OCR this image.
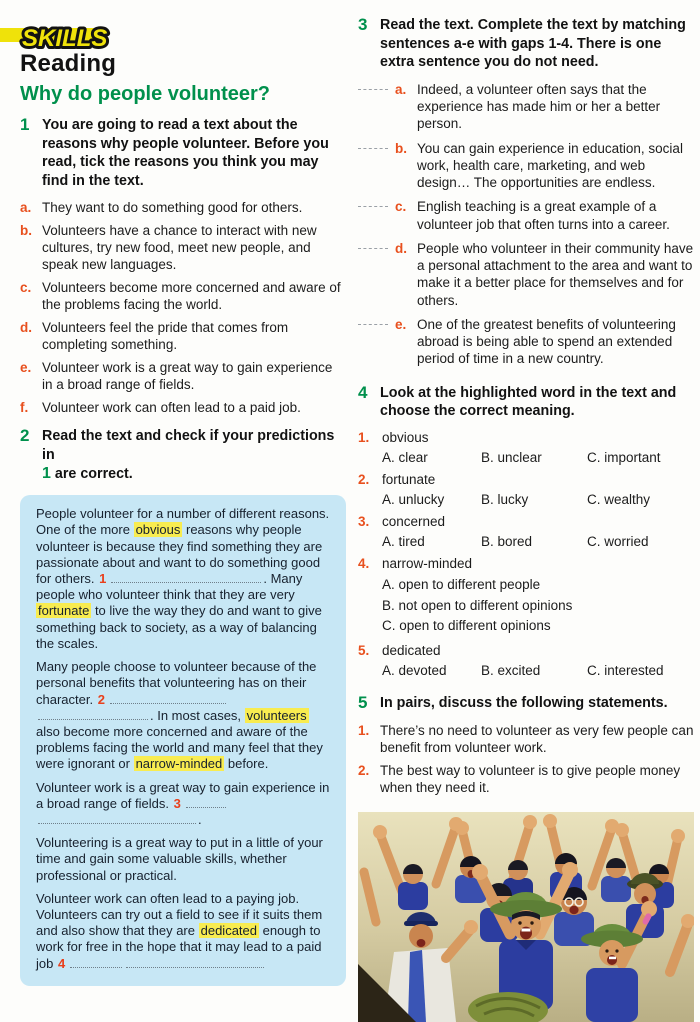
SKILLS
Reading
Why do people volunteer?
1 You are going to read a text about the reasons why people volunteer. Before you read, tick the reasons you think you may find in the text.
a. They want to do something good for others.
b. Volunteers have a chance to interact with new cultures, try new food, meet new people, and speak new languages.
c. Volunteers become more concerned and aware of the problems facing the world.
d. Volunteers feel the pride that comes from completing something.
e. Volunteer work is a great way to gain experience in a broad range of fields.
f.	Volunteer work can often lead to a paid job.
2 Read the text and check if your predictions in
1 are correct.

People volunteer for a number of different reasons. One of the more obvious reasons why people volunteer is because they find something they are passionate about and want to do something good for others. 1	. Many people who volunteer think that they are very fortunate to live the way they do and want to give something back to society, as a way of balancing the scales.

Many people choose to volunteer because of the personal benefits that volunteering has on their character. 2. In most cases, volunteers also become more concerned and aware of the problems facing the world and many feel that they were ignorant or narrow-minded before.

Volunteer work is a great way to gain experience in a broad range of fields. 3.

Volunteering is a great way to put in a little of your time and gain some valuable skills, whether professional or practical.

Volunteer work can often lead to a paying job. Volunteers can try out a field to see if it suits them and also show that they are dedicated enough to work for free in the hope that it may lead to a paid job 4

3 Read the text. Complete the text by matching sentences a-e with gaps 1-4. There is one extra sentence you do not need.
a. Indeed, a volunteer often says that the experience has made him or her a better person.
b. You can gain experience in education, social work, health care, marketing, and web design… The opportunities are endless.
c. English teaching is a great example of a volunteer job that often turns into a career.
d. People who volunteer in their community have a personal attachment to the area and want to make it a better place for themselves and for others.
e. One of the greatest benefits of volunteering abroad is being able to spend an extended period of time in a new country.
4 Look at the highlighted word in the text and choose the correct meaning.
1. obvious
A. clear	B. unclear	C. important
2. fortunate
A. unlucky	B. lucky	C. wealthy
3. concerned
A. tired	B. bored	C. worried
4. narrow-minded
A. open to different people
B. not open to different opinions
C. open to different opinions
5. dedicated
A. devoted	B. excited	C. interested
5 In pairs, discuss the following statements.
1. There’s no need to volunteer as very few people can benefit from volunteer work.
2. The best way to volunteer is to give people money when they need it.
